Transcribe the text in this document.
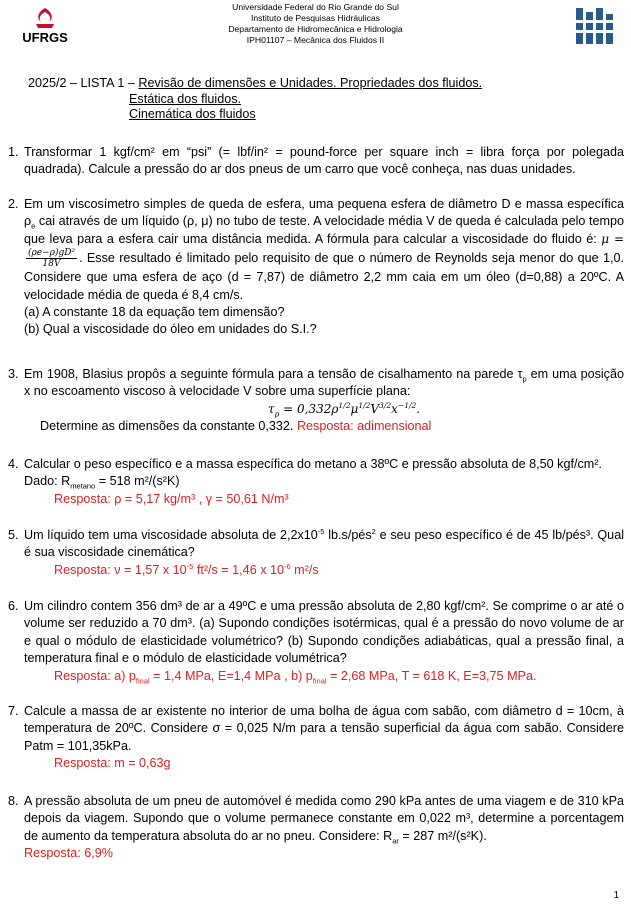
UFRGS
Universidade Federal do Rio Grande do Sul
Instituto de Pesquisas Hidráulicas
Departamento de Hidromecânica e Hidrologia
IPH01107 – Mecânica dos Fluidos II
2025/2 – LISTA 1 – Revisão de dimensões e Unidades. Propriedades dos fluidos.
Estática dos fluidos.
Cinemática dos fluidos
1. Transformar 1 kgf/cm² em “psi” (= lbf/in² = pound-force per square inch = libra força por polegada quadrada). Calcule a pressão do ar dos pneus de um carro que você conheça, nas duas unidades.
2. Em um viscosímetro simples de queda de esfera, uma pequena esfera de diâmetro D e massa específica $\rho_e$ cai através de um líquido (ρ, μ) no tubo de teste. A velocidade média V de queda é calculada pelo tempo que leva para a esfera cair uma distância medida. A fórmula para calcular a viscosidade do fluido é: μ =
$\frac{\text{(ρe−ρ)gD²}}{18V}$ . Esse resultado é limitado pelo requisito de que o número de Reynolds seja menor do que 1,0. Considere que uma esfera de aço (d = 7,87) de diâmetro 2,2 mm caia em um óleo (d=0,88) a 20ºC. A velocidade média de queda é 8,4 cm/s.
(a) A constante 18 da equação tem dimensão?
(b) Qual a viscosidade do óleo em unidades do S.I.?
3. Em 1908, Blasius propôs a seguinte fórmula para a tensão de cisalhamento na parede $\tau_p$ em uma posição x no escoamento viscoso à velocidade V sobre uma superfície plana:
$\tau_p = 0,332\rho^{1/2}\mu^{1/2}V^{3/2}x^{-1/2}$.
Determine as dimensões da constante 0,332. Resposta: adimensional
4. Calcular o peso específico e a massa específica do metano a 38ºC e pressão absoluta de 8,50 kgf/cm².
Dado: $R_{metano} = 518$ m²/(s²K)
Resposta: ρ = 5,17 kg/m³ , γ = 50,61 N/m³
5. Um líquido tem uma viscosidade absoluta de $2,2x10^{-5}$ lb.s/pés$^2$ e seu peso específico é de 45 lb/pés³. Qual é sua viscosidade cinemática?
Resposta: ν = 1,57 x $10^{-5}$ ft²/s = 1,46 x $10^{-6}$ m²/s
6. Um cilindro contem 356 dm³ de ar a 49ºC e uma pressão absoluta de 2,80 kgf/cm². Se comprime o ar até o volume ser reduzido a 70 dm³. (a) Supondo condições isotérmicas, qual é a pressão do novo volume de ar e qual o módulo de elasticidade volumétrico? (b) Supondo condições adiabáticas, qual a pressão final, a temperatura final e o módulo de elasticidade volumétrica?
Resposta: a) $p_{final} = 1,4$ MPa, E=1,4 MPa , b) $p_{final} = 2,68$ MPa, T = 618 K, E=3,75 MPa.
7. Calcule a massa de ar existente no interior de uma bolha de água com sabão, com diâmetro d = 10cm, à temperatura de 20ºC. Considere σ = 0,025 N/m para a tensão superficial da água com sabão. Considere Patm = 101,35kPa.
Resposta: m = 0,63g
8. A pressão absoluta de um pneu de automóvel é medida como 290 kPa antes de uma viagem e de 310 kPa depois da viagem. Supondo que o volume permanece constante em 0,022 m³, determine a porcentagem de aumento da temperatura absoluta do ar no pneu. Considere: $R_{ar} = 287$ m²/(s²K).
Resposta: 6,9%
1
